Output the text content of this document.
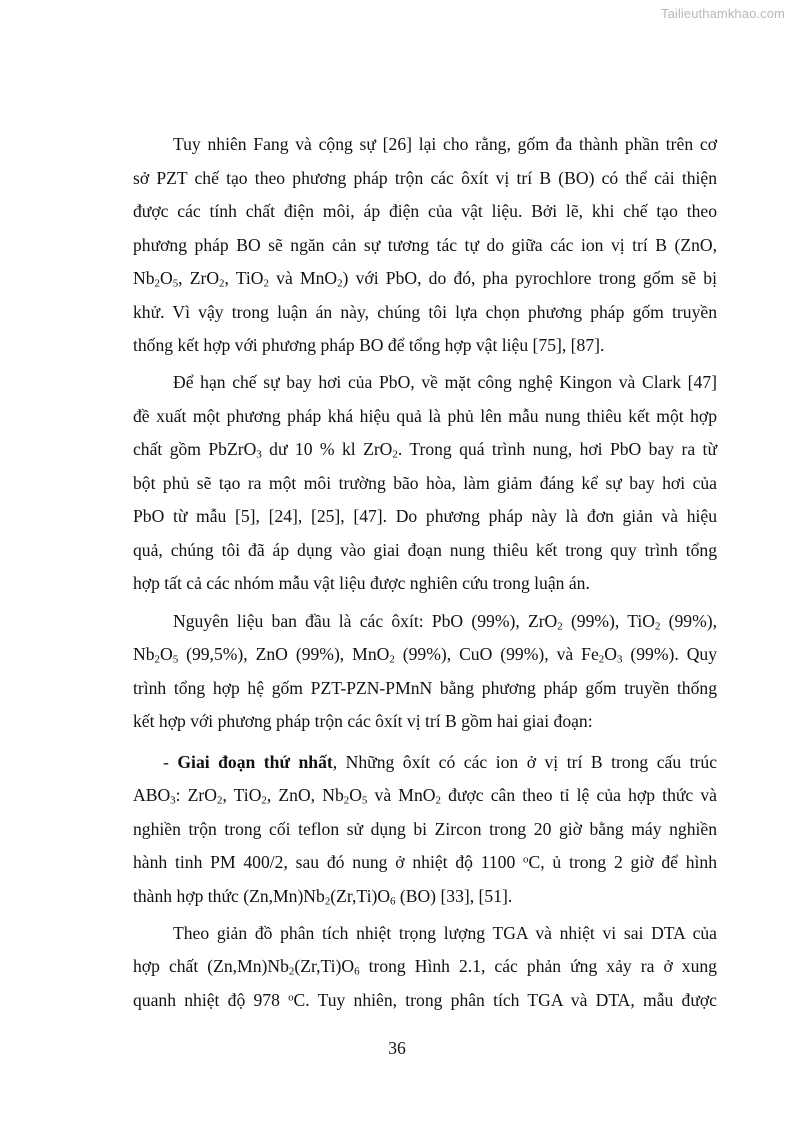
Tailieuthamkhao.com
Tuy nhiên Fang và cộng sự [26] lại cho rằng, gốm đa thành phần trên cơ
sở PZT chế tạo theo phương pháp trộn các ôxít vị trí B (BO) có thể cải thiện
được các tính chất điện môi, áp điện của vật liệu. Bởi lẽ, khi chế tạo theo
phương pháp BO sẽ ngăn cản sự tương tác tự do giữa các ion vị trí B (ZnO,
$Nb_2O_5$, ZrO$_2$, TiO$_2$ và MnO$_2$) với PbO, do đó, pha pyrochlore trong gốm sẽ bị
khử. Vì vậy trong luận án này, chúng tôi lựa chọn phương pháp gốm truyền
thống kết hợp với phương pháp BO để tổng hợp vật liệu [75], [87].
Để hạn chế sự bay hơi của PbO, về mặt công nghệ Kingon và Clark [47]
đề xuất một phương pháp khá hiệu quả là phủ lên mẫu nung thiêu kết một hợp
chất gồm PbZrO$_3$ dư 10 % kl ZrO$_2$. Trong quá trình nung, hơi PbO bay ra từ
bột phủ sẽ tạo ra một môi trường bão hòa, làm giảm đáng kể sự bay hơi của
PbO từ mẫu [5], [24], [25], [47]. Do phương pháp này là đơn giản và hiệu
quả, chúng tôi đã áp dụng vào giai đoạn nung thiêu kết trong quy trình tổng
hợp tất cả các nhóm mẫu vật liệu được nghiên cứu trong luận án.
Nguyên liệu ban đầu là các ôxít: PbO (99%), ZrO$_2$ (99%), TiO$_2$ (99%),
$Nb_2O_5$ (99,5%), ZnO (99%), MnO$_2$ (99%), CuO (99%), và $Fe_2O_3$ (99%). Quy
trình tổng hợp hệ gốm PZT-PZN-PMnN bằng phương pháp gốm truyền thống
kết hợp với phương pháp trộn các ôxít vị trí B gồm hai giai đoạn:
- Giai đoạn thứ nhất, Những ôxít có các ion ở vị trí B trong cấu trúc
$ABO_3$: ZrO$_2$, TiO$_2$, ZnO, $Nb_2O_5$ và MnO$_2$ được cân theo tỉ lệ của hợp thức và
nghiền trộn trong cối teflon sử dụng bi Zircon trong 20 giờ bằng máy nghiền
hành tinh PM 400/2, sau đó nung ở nhiệt độ 1100 $^o$C, ủ trong 2 giờ để hình
thành hợp thức $(Zn,Mn)Nb_2(Zr,Ti)O_6$ (BO) [33], [51].
Theo giản đồ phân tích nhiệt trọng lượng TGA và nhiệt vi sai DTA của
hợp chất $(Zn,Mn)Nb_2(Zr,Ti)O_6$ trong Hình 2.1, các phản ứng xảy ra ở xung
quanh nhiệt độ 978 $^o$C. Tuy nhiên, trong phân tích TGA và DTA, mẫu được
36
